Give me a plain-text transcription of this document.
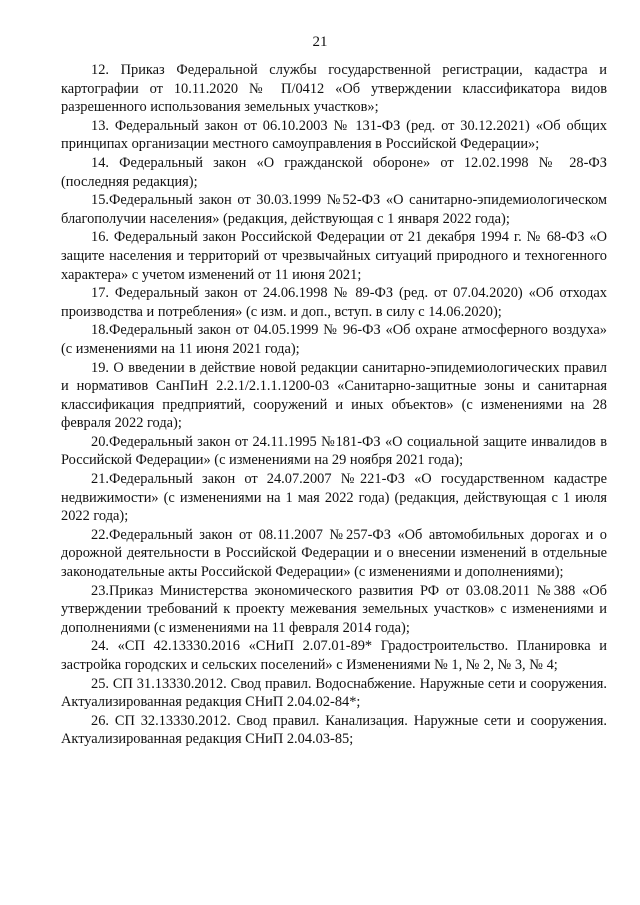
21

12. Приказ Федеральной службы государственной регистрации, кадастра и картографии от 10.11.2020 № П/0412 «Об утверждении классификатора видов разрешенного использования земельных участков»;

13. Федеральный закон от 06.10.2003 № 131-ФЗ (ред. от 30.12.2021) «Об общих принципах организации местного самоуправления в Российской Федерации»;

14. Федеральный закон «О гражданской обороне» от 12.02.1998 № 28-ФЗ (последняя редакция);

15.Федеральный закон от 30.03.1999 №52-ФЗ «О санитарно-эпидемиологическом благополучии населения» (редакция, действующая с 1 января 2022 года);

16. Федеральный закон Российской Федерации от 21 декабря 1994 г. № 68-ФЗ «О защите населения и территорий от чрезвычайных ситуаций природного и техногенного характера» с учетом изменений от 11 июня 2021;

17. Федеральный закон от 24.06.1998 № 89-ФЗ (ред. от 07.04.2020) «Об отходах производства и потребления» (с изм. и доп., вступ. в силу с 14.06.2020);

18.Федеральный закон от 04.05.1999 № 96-ФЗ «Об охране атмосферного воздуха» (с изменениями на 11 июня 2021 года);

19. О введении в действие новой редакции санитарно-эпидемиологических правил и нормативов СанПиН 2.2.1/2.1.1.1200-03 «Санитарно-защитные зоны и санитарная классификация предприятий, сооружений и иных объектов» (с изменениями на 28 февраля 2022 года);

20.Федеральный закон от 24.11.1995 №181-ФЗ «О социальной защите инвалидов в Российской Федерации» (с изменениями на 29 ноября 2021 года);

21.Федеральный закон от 24.07.2007 №221-ФЗ «О государственном кадастре недвижимости» (с изменениями на 1 мая 2022 года) (редакция, действующая с 1 июля 2022 года);

22.Федеральный закон от 08.11.2007 №257-ФЗ «Об автомобильных дорогах и о дорожной деятельности в Российской Федерации и о внесении изменений в отдельные законодательные акты Российской Федерации» (с изменениями и дополнениями);

23.Приказ Министерства экономического развития РФ от 03.08.2011 №388 «Об утверждении требований к проекту межевания земельных участков» с изменениями и дополнениями (с изменениями на 11 февраля 2014 года);

24. «СП 42.13330.2016 «СНиП 2.07.01-89* Градостроительство. Планировка и застройка городских и сельских поселений» с Изменениями № 1, № 2, № 3, № 4;

25. СП 31.13330.2012. Свод правил. Водоснабжение. Наружные сети и сооружения. Актуализированная редакция СНиП 2.04.02-84*;

26. СП 32.13330.2012. Свод правил. Канализация. Наружные сети и сооружения. Актуализированная редакция СНиП 2.04.03-85;
